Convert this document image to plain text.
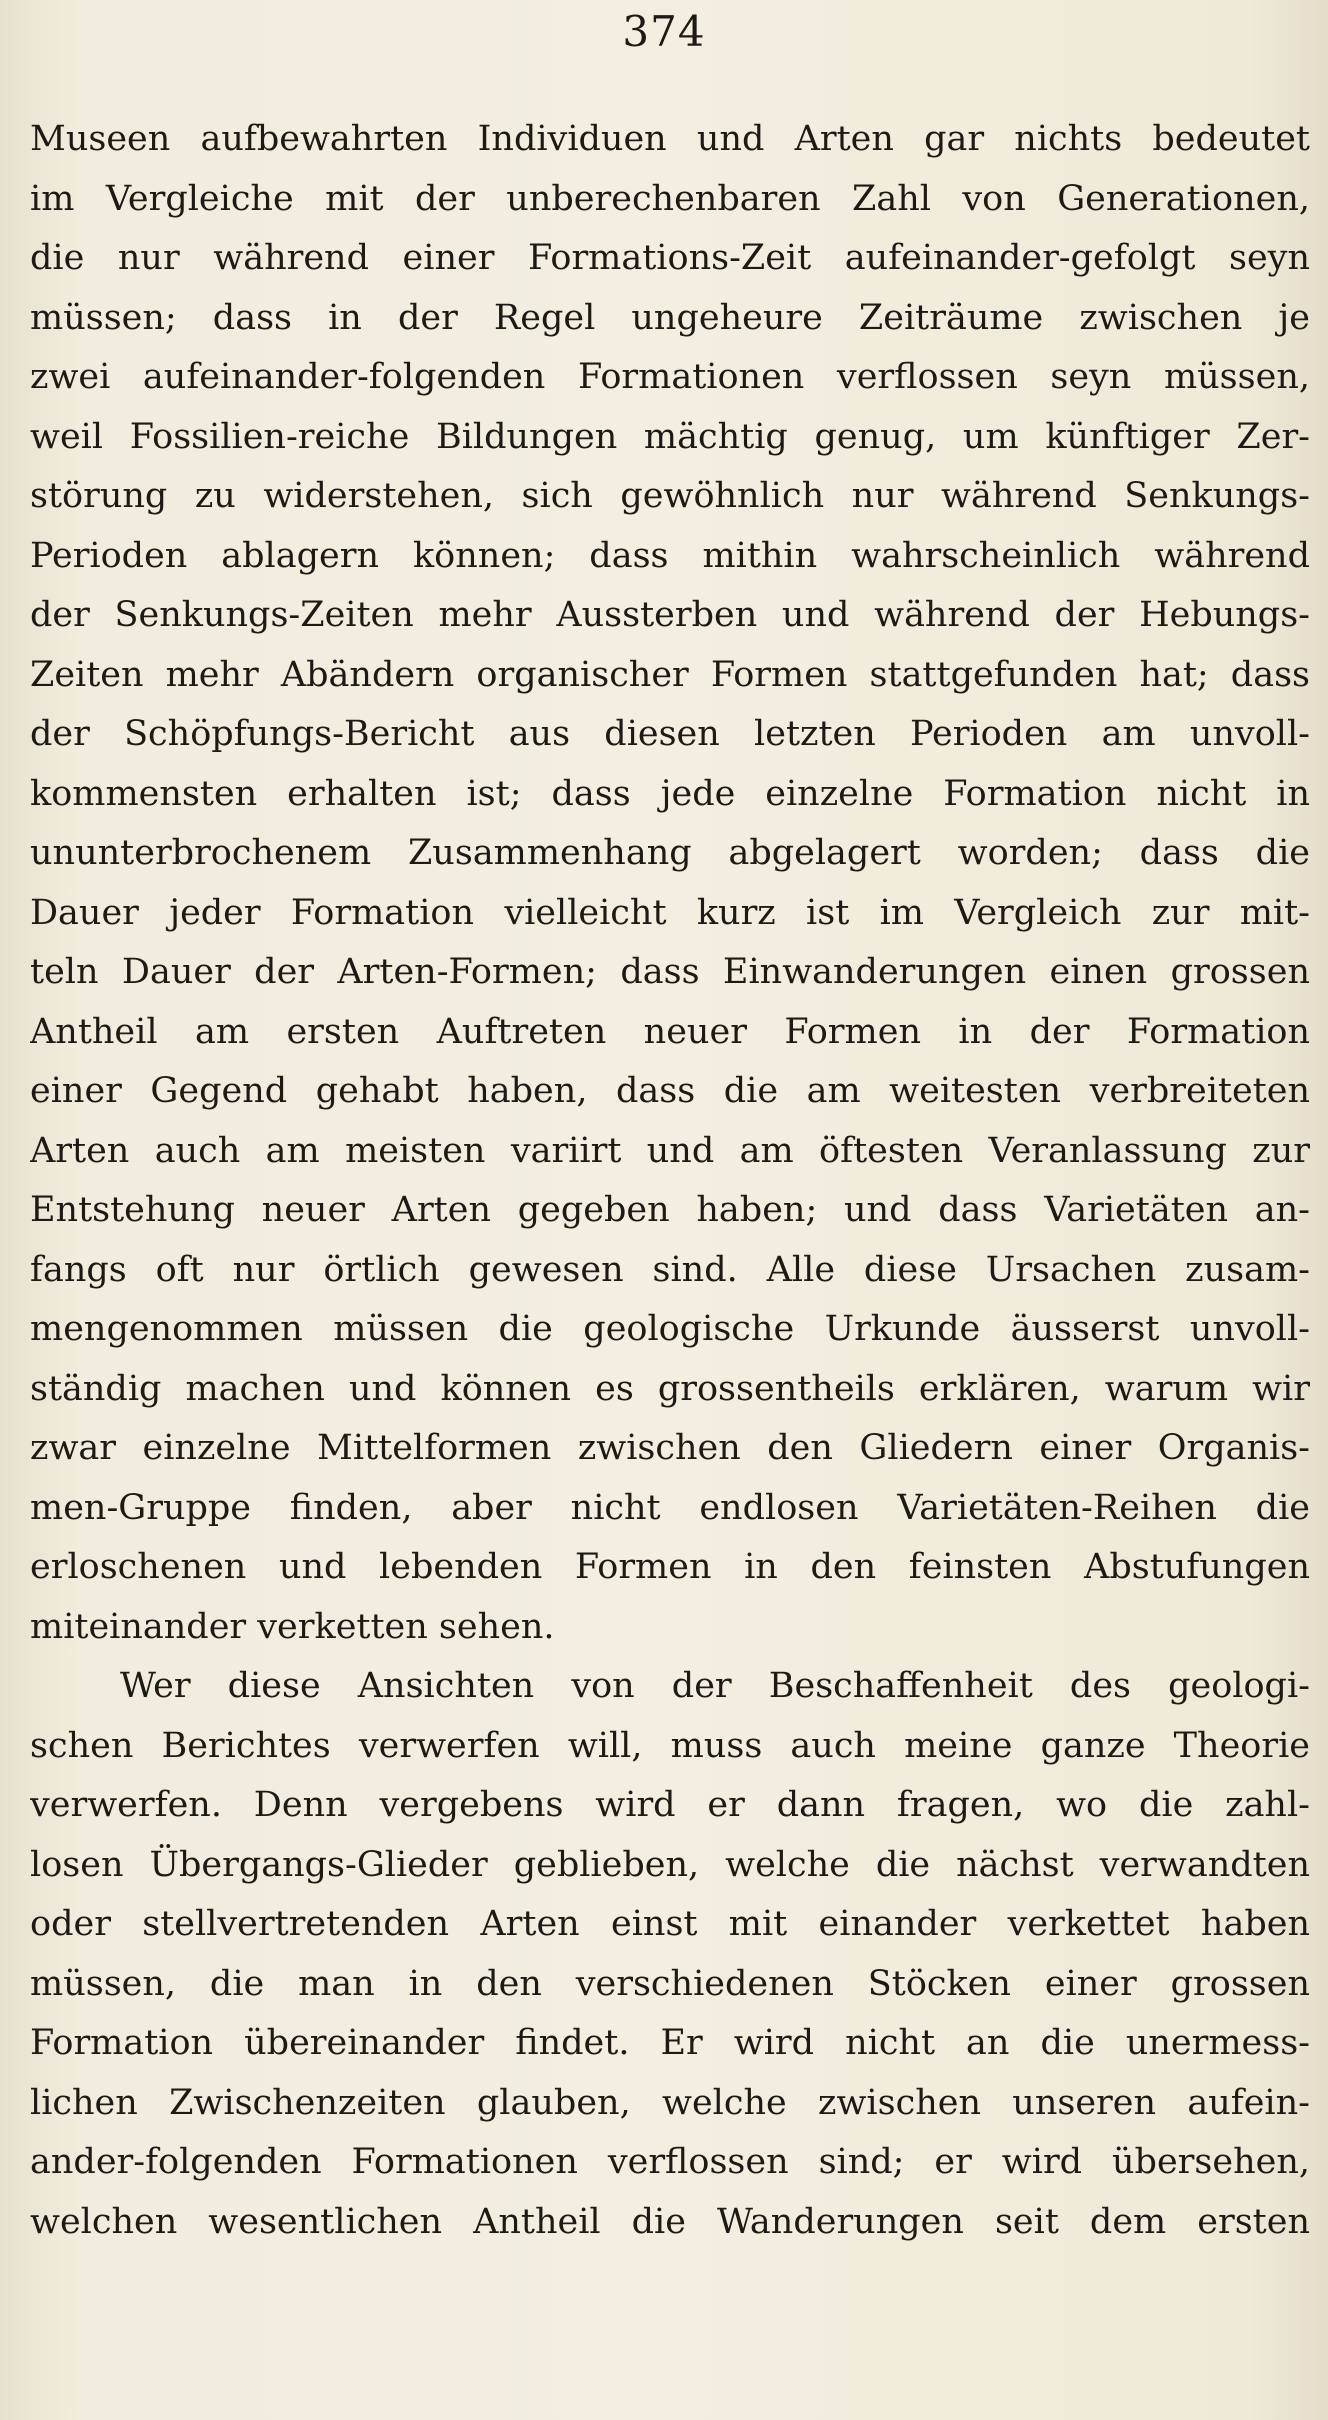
374
Museen aufbewahrten Individuen und Arten gar nichts bedeutet
im Vergleiche mit der unberechenbaren Zahl von Generationen,
die nur während einer Formations-Zeit aufeinander-gefolgt seyn
müssen; dass in der Regel ungeheure Zeiträume zwischen je
zwei aufeinander-folgenden Formationen verflossen seyn müssen,
weil Fossilien-reiche Bildungen mächtig genug, um künftiger Zer-
störung zu widerstehen, sich gewöhnlich nur während Senkungs-
Perioden ablagern können; dass mithin wahrscheinlich während
der Senkungs-Zeiten mehr Aussterben und während der Hebungs-
Zeiten mehr Abändern organischer Formen stattgefunden hat; dass
der Schöpfungs-Bericht aus diesen letzten Perioden am unvoll-
kommensten erhalten ist; dass jede einzelne Formation nicht in
ununterbrochenem Zusammenhang abgelagert worden; dass die
Dauer jeder Formation vielleicht kurz ist im Vergleich zur mit-
teln Dauer der Arten-Formen; dass Einwanderungen einen grossen
Antheil am ersten Auftreten neuer Formen in der Formation
einer Gegend gehabt haben, dass die am weitesten verbreiteten
Arten auch am meisten variirt und am öftesten Veranlassung zur
Entstehung neuer Arten gegeben haben; und dass Varietäten an-
fangs oft nur örtlich gewesen sind. Alle diese Ursachen zusam-
mengenommen müssen die geologische Urkunde äusserst unvoll-
ständig machen und können es grossentheils erklären, warum wir
zwar einzelne Mittelformen zwischen den Gliedern einer Organis-
men-Gruppe finden, aber nicht endlosen Varietäten-Reihen die
erloschenen und lebenden Formen in den feinsten Abstufungen
miteinander verketten sehen.
Wer diese Ansichten von der Beschaffenheit des geologi-
schen Berichtes verwerfen will, muss auch meine ganze Theorie
verwerfen. Denn vergebens wird er dann fragen, wo die zahl-
losen Übergangs-Glieder geblieben, welche die nächst verwandten
oder stellvertretenden Arten einst mit einander verkettet haben
müssen, die man in den verschiedenen Stöcken einer grossen
Formation übereinander findet. Er wird nicht an die unermess-
lichen Zwischenzeiten glauben, welche zwischen unseren aufein-
ander-folgenden Formationen verflossen sind; er wird übersehen,
welchen wesentlichen Antheil die Wanderungen seit dem ersten
